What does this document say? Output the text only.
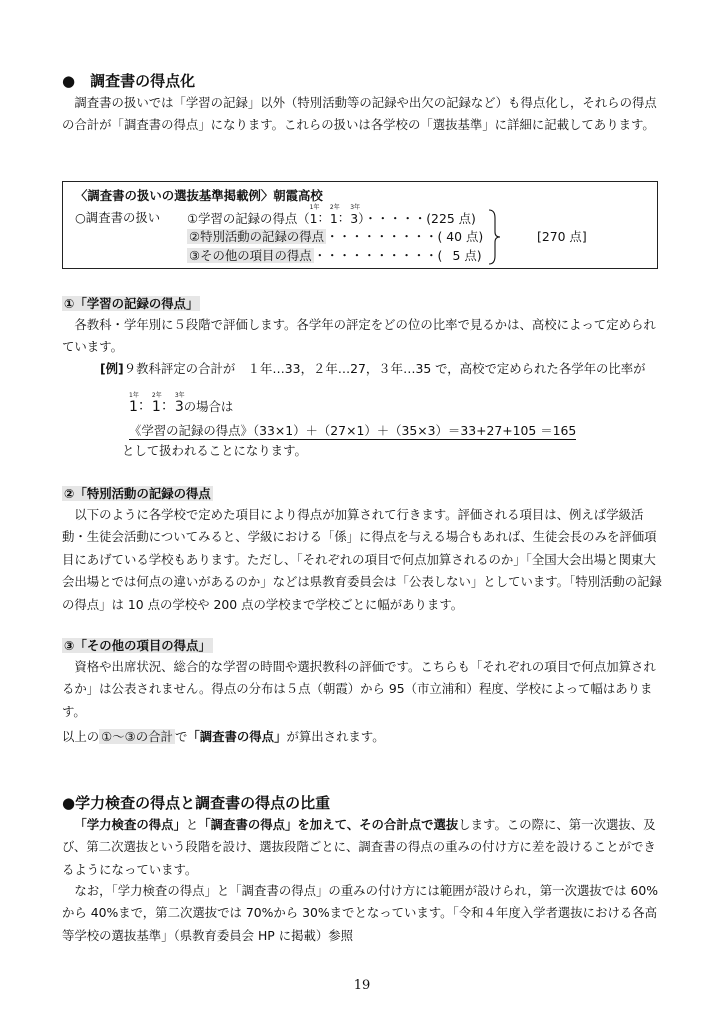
●　調査書の得点化
調査書の扱いでは「学習の記録」以外（特別活動等の記録や出欠の記録など）も得点化し，それらの得点の合計が「調査書の得点」になります。これらの扱いは各学校の「選抜基準」に詳細に記載してあります。
〈調査書の扱いの選抜基準掲載例〉朝霞高校
○調査書の扱い ①学習の記録の得点（
1年
1 ：
2年
1 ：
3年
3 ）・・・・・(225 点)
②特別活動の記録の得点 ・・・・・・・・・( 40 点)
③その他の項目の得点 ・・・・・・・・・・(  5 点)
[270 点]
①「学習の記録の得点」
各教科・学年別に５段階で評価します。各学年の評定をどの位の比率で見るかは、高校によって定められています。
[例]９教科評定の合計が　１年…33，２年…27，３年…35 で，高校で定められた各学年の比率が
1年
1 ：
2年
1 ：
3年
3 の場合は
《学習の記録の得点》（33×1）＋（27×1）＋（35×3）＝33+27+105 ＝165
として扱われることになります。
②「特別活動の記録の得点
以下のように各学校で定めた項目により得点が加算されて行きます。評価される項目は、例えば学級活動・生徒会活動についてみると、学級における「係」に得点を与える場合もあれば、生徒会長のみを評価項目にあげている学校もあります。ただし、「それぞれの項目で何点加算されるのか」「全国大会出場と関東大会出場とでは何点の違いがあるのか」などは県教育委員会は「公表しない」としています。「特別活動の記録の得点」は 10 点の学校や 200 点の学校まで学校ごとに幅があります。
③「その他の項目の得点」
資格や出席状況、総合的な学習の時間や選択教科の評価です。こちらも「それぞれの項目で何点加算されるか」は公表されません。得点の分布は５点（朝霞）から 95（市立浦和）程度、学校によって幅はあります。
以上の ①〜③の合計 で「調査書の得点」が算出されます。
●学力検査の得点と調査書の得点の比重
「学力検査の得点」と「調査書の得点」を加えて、その合計点で選抜します。この際に、第一次選抜、及び、第二次選抜という段階を設け、選抜段階ごとに、調査書の得点の重みの付け方に差を設けることができるようになっています。
なお，「学力検査の得点」と「調査書の得点」の重みの付け方には範囲が設けられ，第一次選抜では 60%から 40%まで，第二次選抜では 70%から 30%までとなっています。「令和４年度入学者選抜における各高等学校の選抜基準」（県教育委員会 HP に掲載）参照
19
